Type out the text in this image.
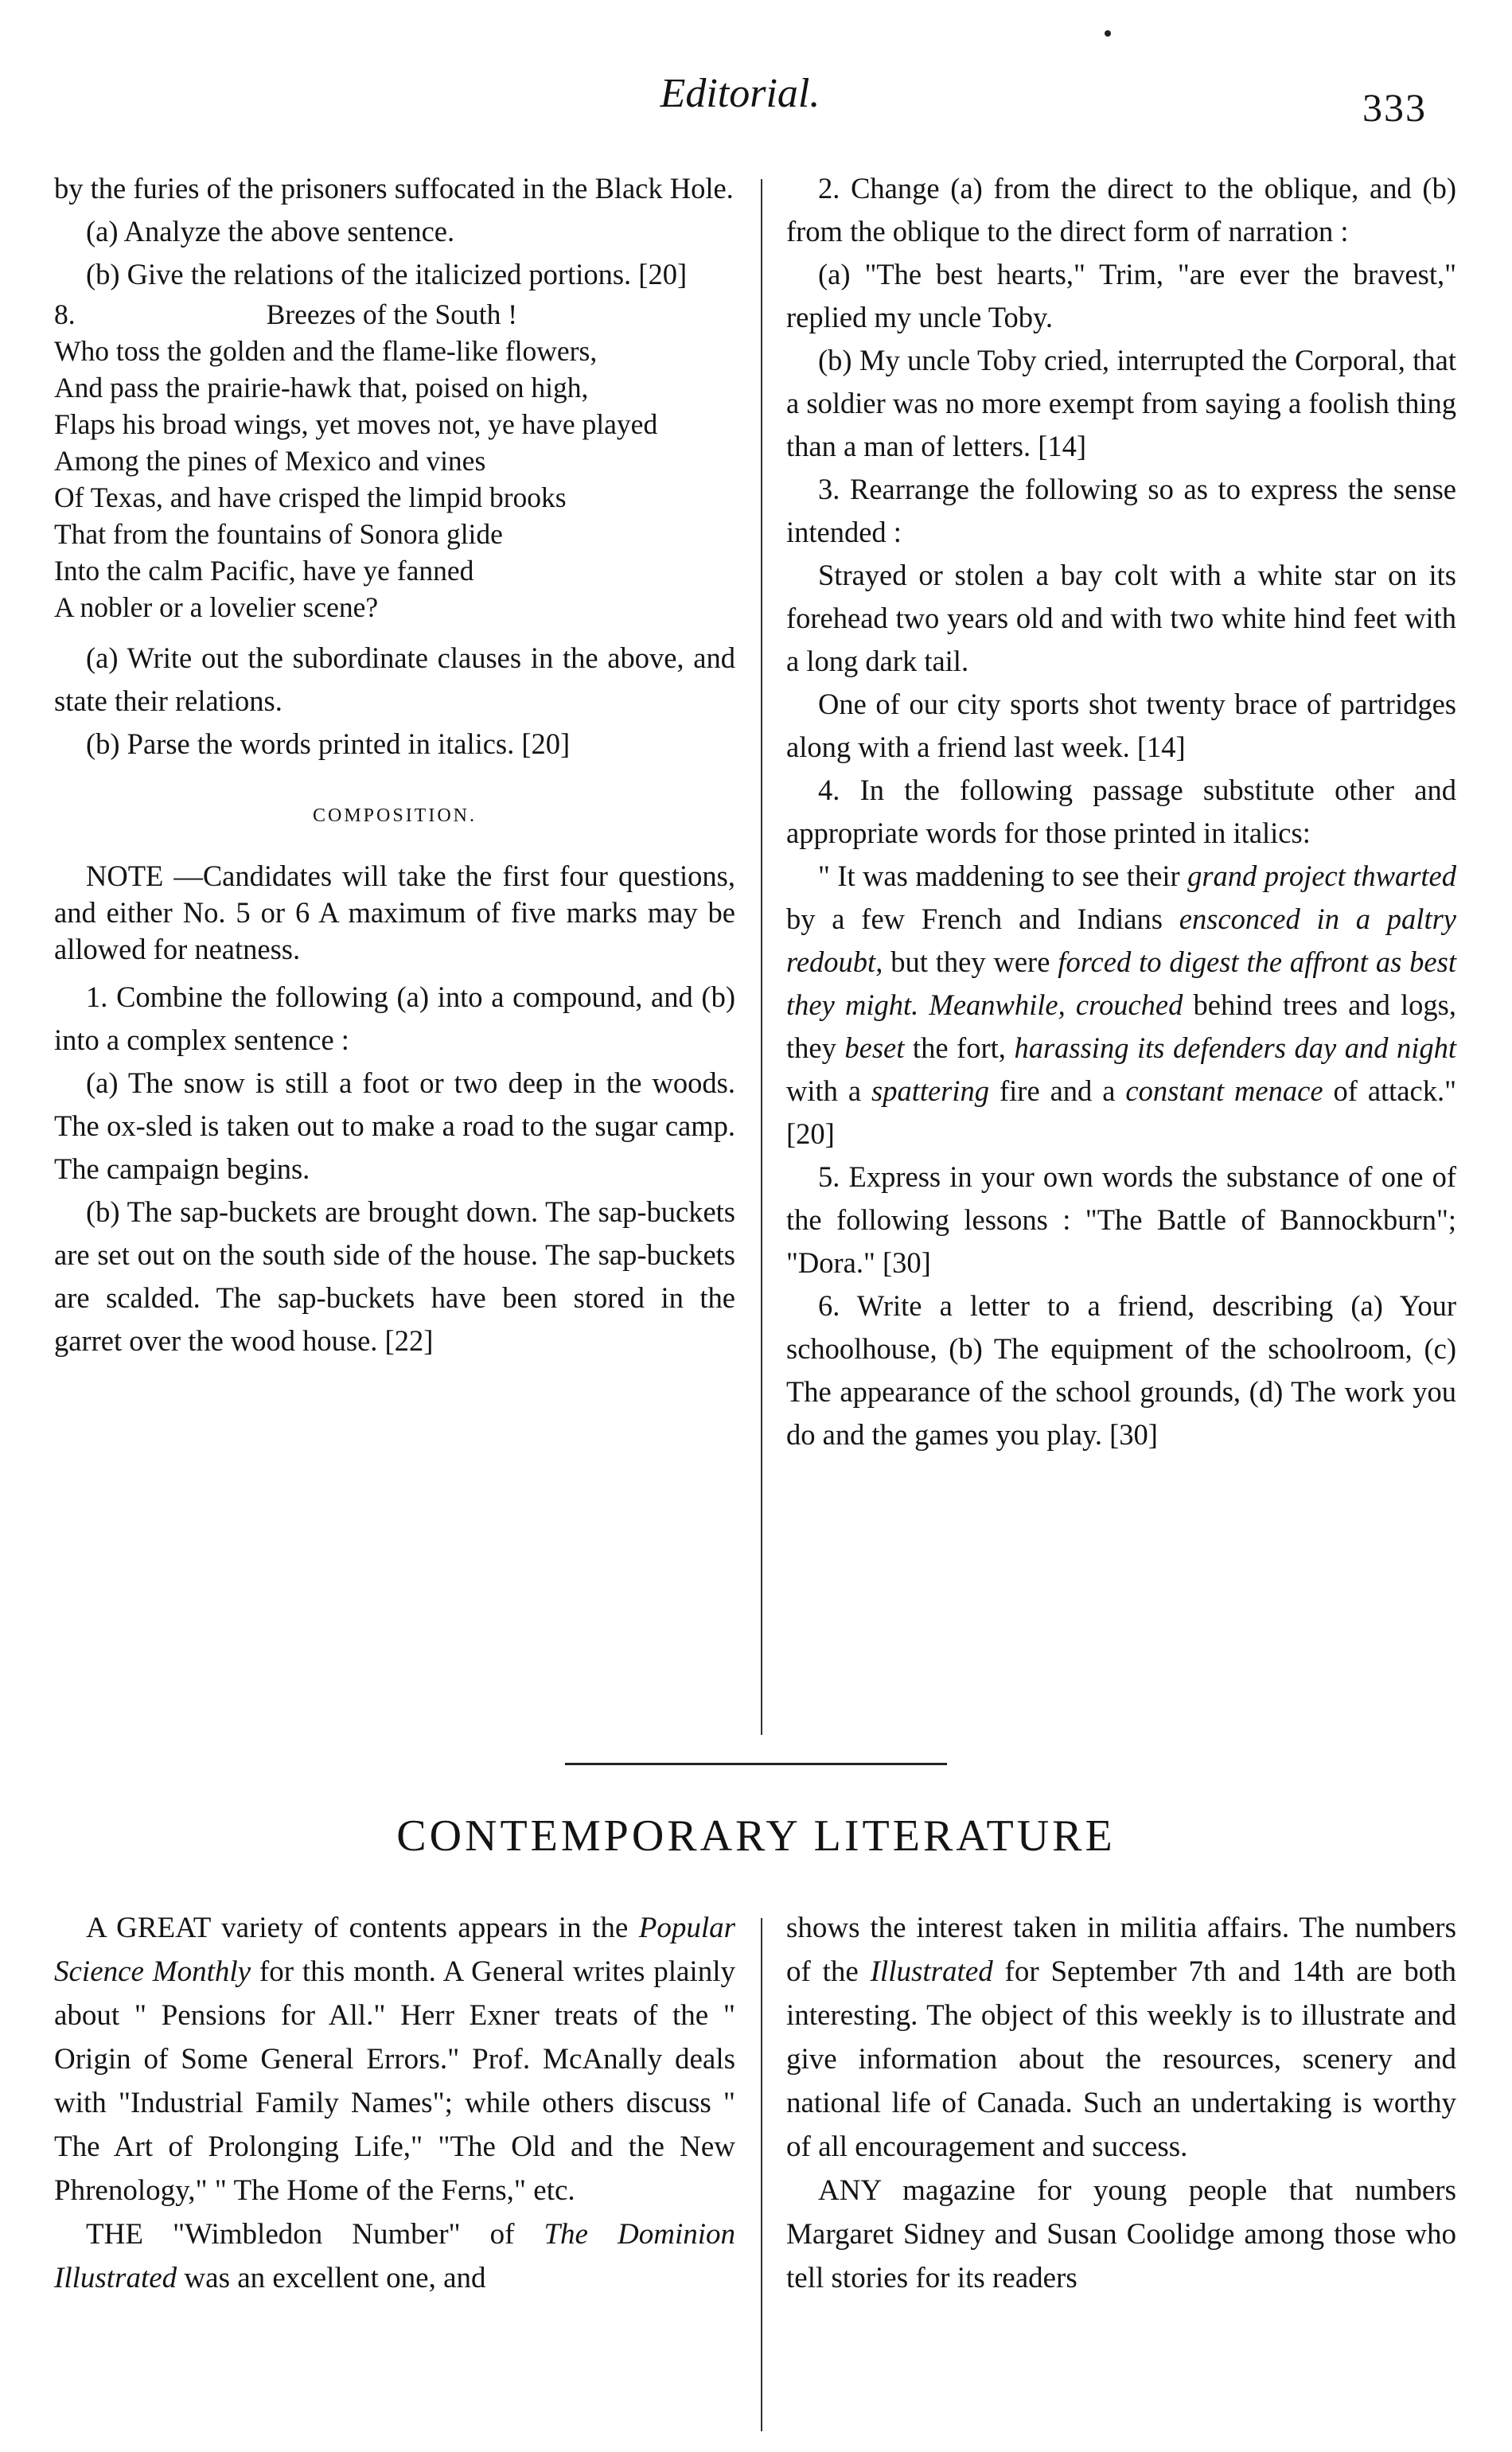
Editorial.	333

by the furies of the prisoners suffocated in the Black Hole.

(a) Analyze the above sentence.

(b) Give the relations of the italicized portions. [20]

8.	Breezes of the South !
Who toss the golden and the flame-like flowers,
And pass the prairie-hawk that, poised on high,
Flaps his broad wings, yet moves not, ye have played
Among the pines of Mexico and vines
Of Texas, and have crisped the limpid brooks
That from the fountains of Sonora glide
Into the calm Pacific, have ye fanned
A nobler or a lovelier scene?

(a) Write out the subordinate clauses in the above, and state their relations.

(b) Parse the words printed in italics. [20]

COMPOSITION.

NOTE —Candidates will take the first four questions, and either No. 5 or 6 A maximum of five marks may be allowed for neatness.

1. Combine the following (a) into a compound, and (b) into a complex sentence :

(a) The snow is still a foot or two deep in the woods. The ox-sled is taken out to make a road to the sugar camp. The campaign begins.

(b) The sap-buckets are brought down. The sap-buckets are set out on the south side of the house. The sap-buckets are scalded. The sap-buckets have been stored in the garret over the wood house. [22]

2. Change (a) from the direct to the oblique, and (b) from the oblique to the direct form of narration :

(a) "The best hearts," Trim, "are ever the bravest," replied my uncle Toby.

(b) My uncle Toby cried, interrupted the Corporal, that a soldier was no more exempt from saying a foolish thing than a man of letters. [14]

3. Rearrange the following so as to express the sense intended :

Strayed or stolen a bay colt with a white star on its forehead two years old and with two white hind feet with a long dark tail.

One of our city sports shot twenty brace of partridges along with a friend last week. [14]

4. In the following passage substitute other and appropriate words for those printed in italics:

" It was maddening to see their grand project thwarted by a few French and Indians ensconced in a paltry redoubt, but they were forced to digest the affront as best they might. Meanwhile, crouched behind trees and logs, they beset the fort, harassing its defenders day and night with a spattering fire and a constant menace of attack." [20]

5. Express in your own words the substance of one of the following lessons : "The Battle of Bannockburn"; "Dora." [30]

6. Write a letter to a friend, describing (a) Your schoolhouse, (b) The equipment of the schoolroom, (c) The appearance of the school grounds, (d) The work you do and the games you play. [30]

CONTEMPORARY LITERATURE

A GREAT variety of contents appears in the Popular Science Monthly for this month. A General writes plainly about " Pensions for All." Herr Exner treats of the " Origin of Some General Errors." Prof. McAnally deals with "Industrial Family Names"; while others discuss " The Art of Prolonging Life," "The Old and the New Phrenology," " The Home of the Ferns," etc.

THE "Wimbledon Number" of The Dominion Illustrated was an excellent one, and

shows the interest taken in militia affairs. The numbers of the Illustrated for September 7th and 14th are both interesting. The object of this weekly is to illustrate and give information about the resources, scenery and national life of Canada. Such an undertaking is worthy of all encouragement and success.

ANY magazine for young people that numbers Margaret Sidney and Susan Coolidge among those who tell stories for its readers
